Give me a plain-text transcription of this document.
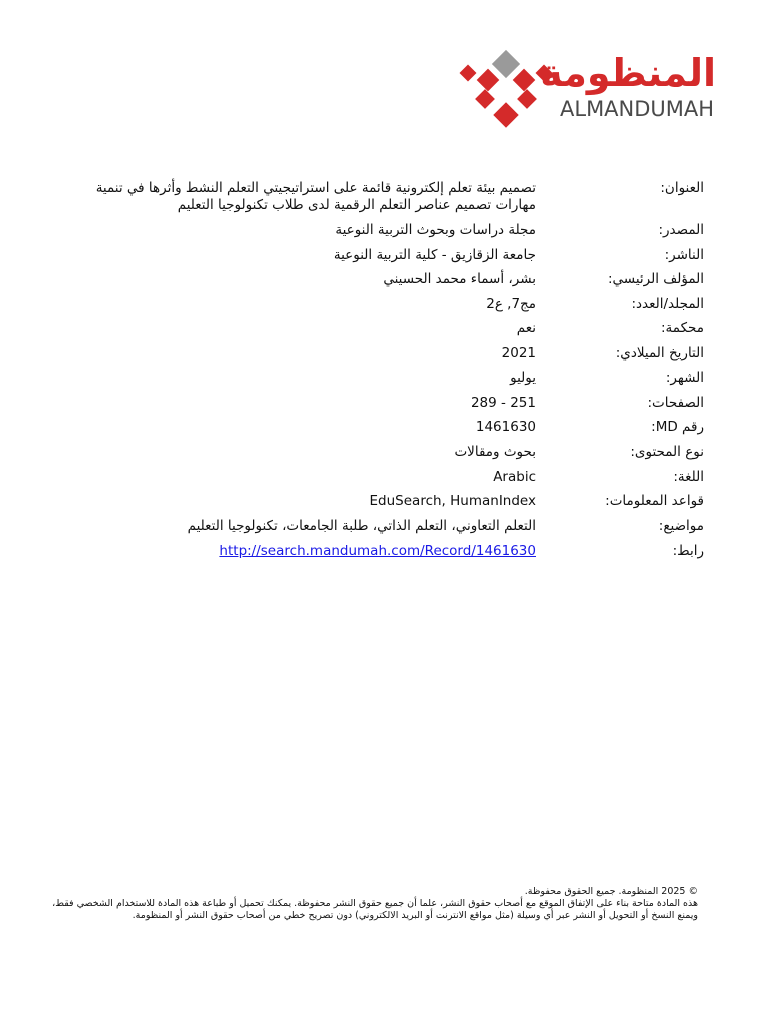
المنظومة
ALMANDUMAH
العنوان:
تصميم بيئة تعلم إلكترونية قائمة على استراتيجيتي التعلم النشط وأثرها في تنمية مهارات تصميم عناصر التعلم الرقمية لدى طلاب تكنولوجيا التعليم
المصدر:
مجلة دراسات وبحوث التربية النوعية
الناشر:
جامعة الزقازيق - كلية التربية النوعية
المؤلف الرئيسي:
بشر، أسماء محمد الحسيني
المجلد/العدد:
مج7, ع2
محكمة:
نعم
التاريخ الميلادي:
2021
الشهر:
يوليو
الصفحات:
251 - 289
رقم MD:
1461630
نوع المحتوى:
بحوث ومقالات
اللغة:
Arabic
قواعد المعلومات:
EduSearch, HumanIndex
مواضيع:
التعلم التعاوني، التعلم الذاتي، طلبة الجامعات، تكنولوجيا التعليم
رابط:
http://search.mandumah.com/Record/1461630
© 2025 المنظومة. جميع الحقوق محفوظة.
هذه المادة متاحة بناء على الإتفاق الموقع مع أصحاب حقوق النشر، علما أن جميع حقوق النشر محفوظة. يمكنك تحميل أو طباعة هذه المادة للاستخدام الشخصي فقط، ويمنع النسخ أو التحويل أو النشر عبر أي وسيلة (مثل مواقع الانترنت أو البريد الالكتروني) دون تصريح خطي من أصحاب حقوق النشر أو المنظومة.
